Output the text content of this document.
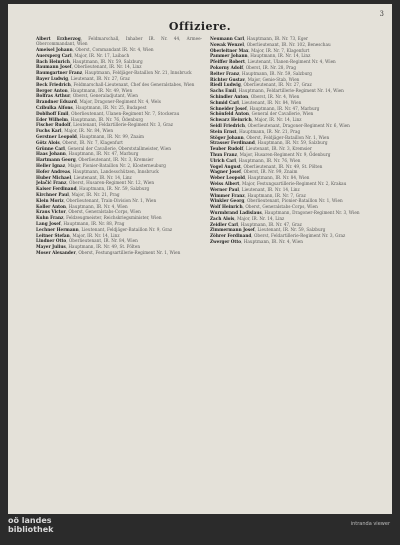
3
Offiziere.
Albert Erzherzog, Feldmarschall, Inhaber IR. Nr. 44, Armee-Obercommandant, Wien
Ameisel Johann, Oberst, Commandant IR. Nr. 4, Wien
Auersperg Carl, Major, IR. Nr. 17, Laibach
Bach Heinrich, Hauptmann, IR. Nr. 59, Salzburg
Baumann Josef, Oberlieutenant, IR. Nr. 14, Linz
Baumgartner Franz, Hauptmann, Feldjäger-Bataillon Nr. 21, Innsbruck
Bayer Ludwig, Lieutenant, IR. Nr. 27, Graz
Beck Friedrich, Feldmarschall-Lieutenant, Chef des Generalstabes, Wien
Berger Anton, Hauptmann, IR. Nr. 49, Wien
Bolfras Arthur, Oberst, Generaladjutant, Wien
Brandner Eduard, Major, Dragoner-Regiment Nr. 4, Wels
Czibulka Alfons, Hauptmann, IR. Nr. 25, Budapest
Doblhoff Emil, Oberlieutenant, Ulanen-Regiment Nr. 7, Stockerau
Eder Wilhelm, Hauptmann, IR. Nr. 76, Ödenburg
Fischer Rudolf, Lieutenant, Feldartillerie-Regiment Nr. 3, Graz
Fuchs Karl, Major, IR. Nr. 84, Wien
Gerstner Leopold, Hauptmann, IR. Nr. 99, Znaim
Götz Alois, Oberst, IR. Nr. 7, Klagenfurt
Grünne Carl, General der Cavallerie, Oberststallmeister, Wien
Haas Johann, Hauptmann, IR. Nr. 47, Marburg
Hartmann Georg, Oberlieutenant, IR. Nr. 3, Kremsier
Heller Ignaz, Major, Pionier-Bataillon Nr. 2, Klosterneuburg
Hofer Andreas, Hauptmann, Landesschützen, Innsbruck
Huber Michael, Lieutenant, IR. Nr. 14, Linz
Jelačić Franz, Oberst, Husaren-Regiment Nr. 12, Wien
Kaiser Ferdinand, Hauptmann, IR. Nr. 59, Salzburg
Kirchner Paul, Major, IR. Nr. 21, Prag
Klein Moriz, Oberlieutenant, Train-Division Nr. 1, Wien
Koller Anton, Hauptmann, IR. Nr. 4, Wien
Kraus Victor, Oberst, Generalstabs-Corps, Wien
Kuhn Franz, Feldzeugmeister, Reichskriegsminister, Wien
Lang Josef, Hauptmann, IR. Nr. 88, Prag
Lechner Hermann, Lieutenant, Feldjäger-Bataillon Nr. 9, Graz
Leitner Stefan, Major, IR. Nr. 14, Linz
Lindner Otto, Oberlieutenant, IR. Nr. 84, Wien
Mayer Julius, Hauptmann, IR. Nr. 49, St. Pölten
Moser Alexander, Oberst, Festungsartillerie-Regiment Nr. 1, Wien
Neumann Carl, Hauptmann, IR. Nr. 73, Eger
Nowak Wenzel, Oberlieutenant, IR. Nr. 102, Beneschau
Oberleitner Max, Major, IR. Nr. 7, Klagenfurt
Pammer Johann, Hauptmann, IR. Nr. 14, Linz
Pfeiffer Robert, Lieutenant, Ulanen-Regiment Nr. 4, Wien
Pokorny Adolf, Oberst, IR. Nr. 28, Prag
Reiter Franz, Hauptmann, IR. Nr. 59, Salzburg
Richter Gustav, Major, Genie-Stab, Wien
Riedl Ludwig, Oberlieutenant, IR. Nr. 27, Graz
Sachs Emil, Hauptmann, Feldartillerie-Regiment Nr. 14, Wien
Schindler Anton, Oberst, IR. Nr. 4, Wien
Schmid Carl, Lieutenant, IR. Nr. 84, Wien
Schneider Josef, Hauptmann, IR. Nr. 47, Marburg
Schönfeld Anton, General der Cavallerie, Wien
Schwarz Heinrich, Major, IR. Nr. 14, Linz
Seidl Friedrich, Oberlieutenant, Dragoner-Regiment Nr. 6, Wien
Stein Ernst, Hauptmann, IR. Nr. 21, Prag
Stöger Johann, Oberst, Feldjäger-Bataillon Nr. 1, Wien
Strasser Ferdinand, Hauptmann, IR. Nr. 59, Salzburg
Teuber Rudolf, Lieutenant, IR. Nr. 3, Kremsier
Thun Franz, Major, Husaren-Regiment Nr. 9, Ödenburg
Ulrich Carl, Hauptmann, IR. Nr. 76, Wien
Vogel August, Oberlieutenant, IR. Nr. 49, St. Pölten
Wagner Josef, Oberst, IR. Nr. 99, Znaim
Weber Leopold, Hauptmann, IR. Nr. 84, Wien
Weiss Albert, Major, Festungsartillerie-Regiment Nr. 2, Krakau
Werner Paul, Lieutenant, IR. Nr. 14, Linz
Wimmer Franz, Hauptmann, IR. Nr. 7, Graz
Winkler Georg, Oberlieutenant, Pionier-Bataillon Nr. 1, Wien
Wolf Heinrich, Oberst, Generalstabs-Corps, Wien
Wurmbrand Ladislaus, Hauptmann, Dragoner-Regiment Nr. 3, Wien
Zach Alois, Major, IR. Nr. 14, Linz
Zeidler Carl, Hauptmann, IR. Nr. 47, Graz
Zimmermann Josef, Lieutenant, IR. Nr. 59, Salzburg
Zöhrer Ferdinand, Oberst, Feldartillerie-Regiment Nr. 3, Graz
Zwerger Otto, Hauptmann, IR. Nr. 4, Wien
oö landes
bibliothek
intranda viewer
